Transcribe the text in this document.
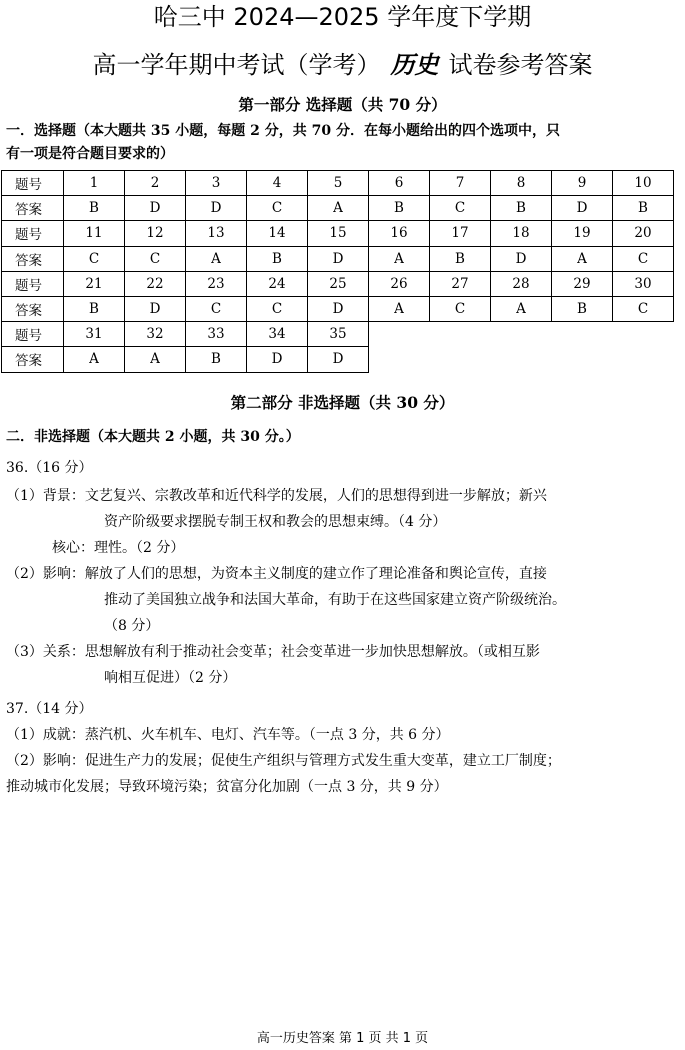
哈三中 2024—2025 学年度下学期
高一学年期中考试（学考） 历史 试卷参考答案
第一部分 选择题（共 70 分）
一．选择题（本大题共 35 小题，每题 2 分，共 70 分．在每小题给出的四个选项中，只
有一项是符合题目要求的）
题号	1	2	3	4	5	6	7	8	9	10
答案	B	D	D	C	A	B	C	B	D	B
题号	11	12	13	14	15	16	17	18	19	20
答案	C	C	A	B	D	A	B	D	A	C
题号	21	22	23	24	25	26	27	28	29	30
答案	B	D	C	C	D	A	C	A	B	C
题号	31	32	33	34	35					
答案	A	A	B	D	D					
第二部分 非选择题（共 30 分）
二．非选择题（本大题共 2 小题，共 30 分。）
36.（16 分）
（1）背景：文艺复兴、宗教改革和近代科学的发展，人们的思想得到进一步解放；新兴
资产阶级要求摆脱专制王权和教会的思想束缚。（4 分）
核心：理性。（2 分）
（2）影响：解放了人们的思想，为资本主义制度的建立作了理论准备和舆论宣传，直接
推动了美国独立战争和法国大革命，有助于在这些国家建立资产阶级统治。
（8 分）
（3）关系：思想解放有利于推动社会变革；社会变革进一步加快思想解放。（或相互影
响相互促进）（2 分）
37.（14 分）
（1）成就：蒸汽机、火车机车、电灯、汽车等。（一点 3 分，共 6 分）
（2）影响：促进生产力的发展；促使生产组织与管理方式发生重大变革，建立工厂制度；
推动城市化发展；导致环境污染；贫富分化加剧（一点 3 分，共 9 分）
高一历史答案 第 1 页 共 1 页
